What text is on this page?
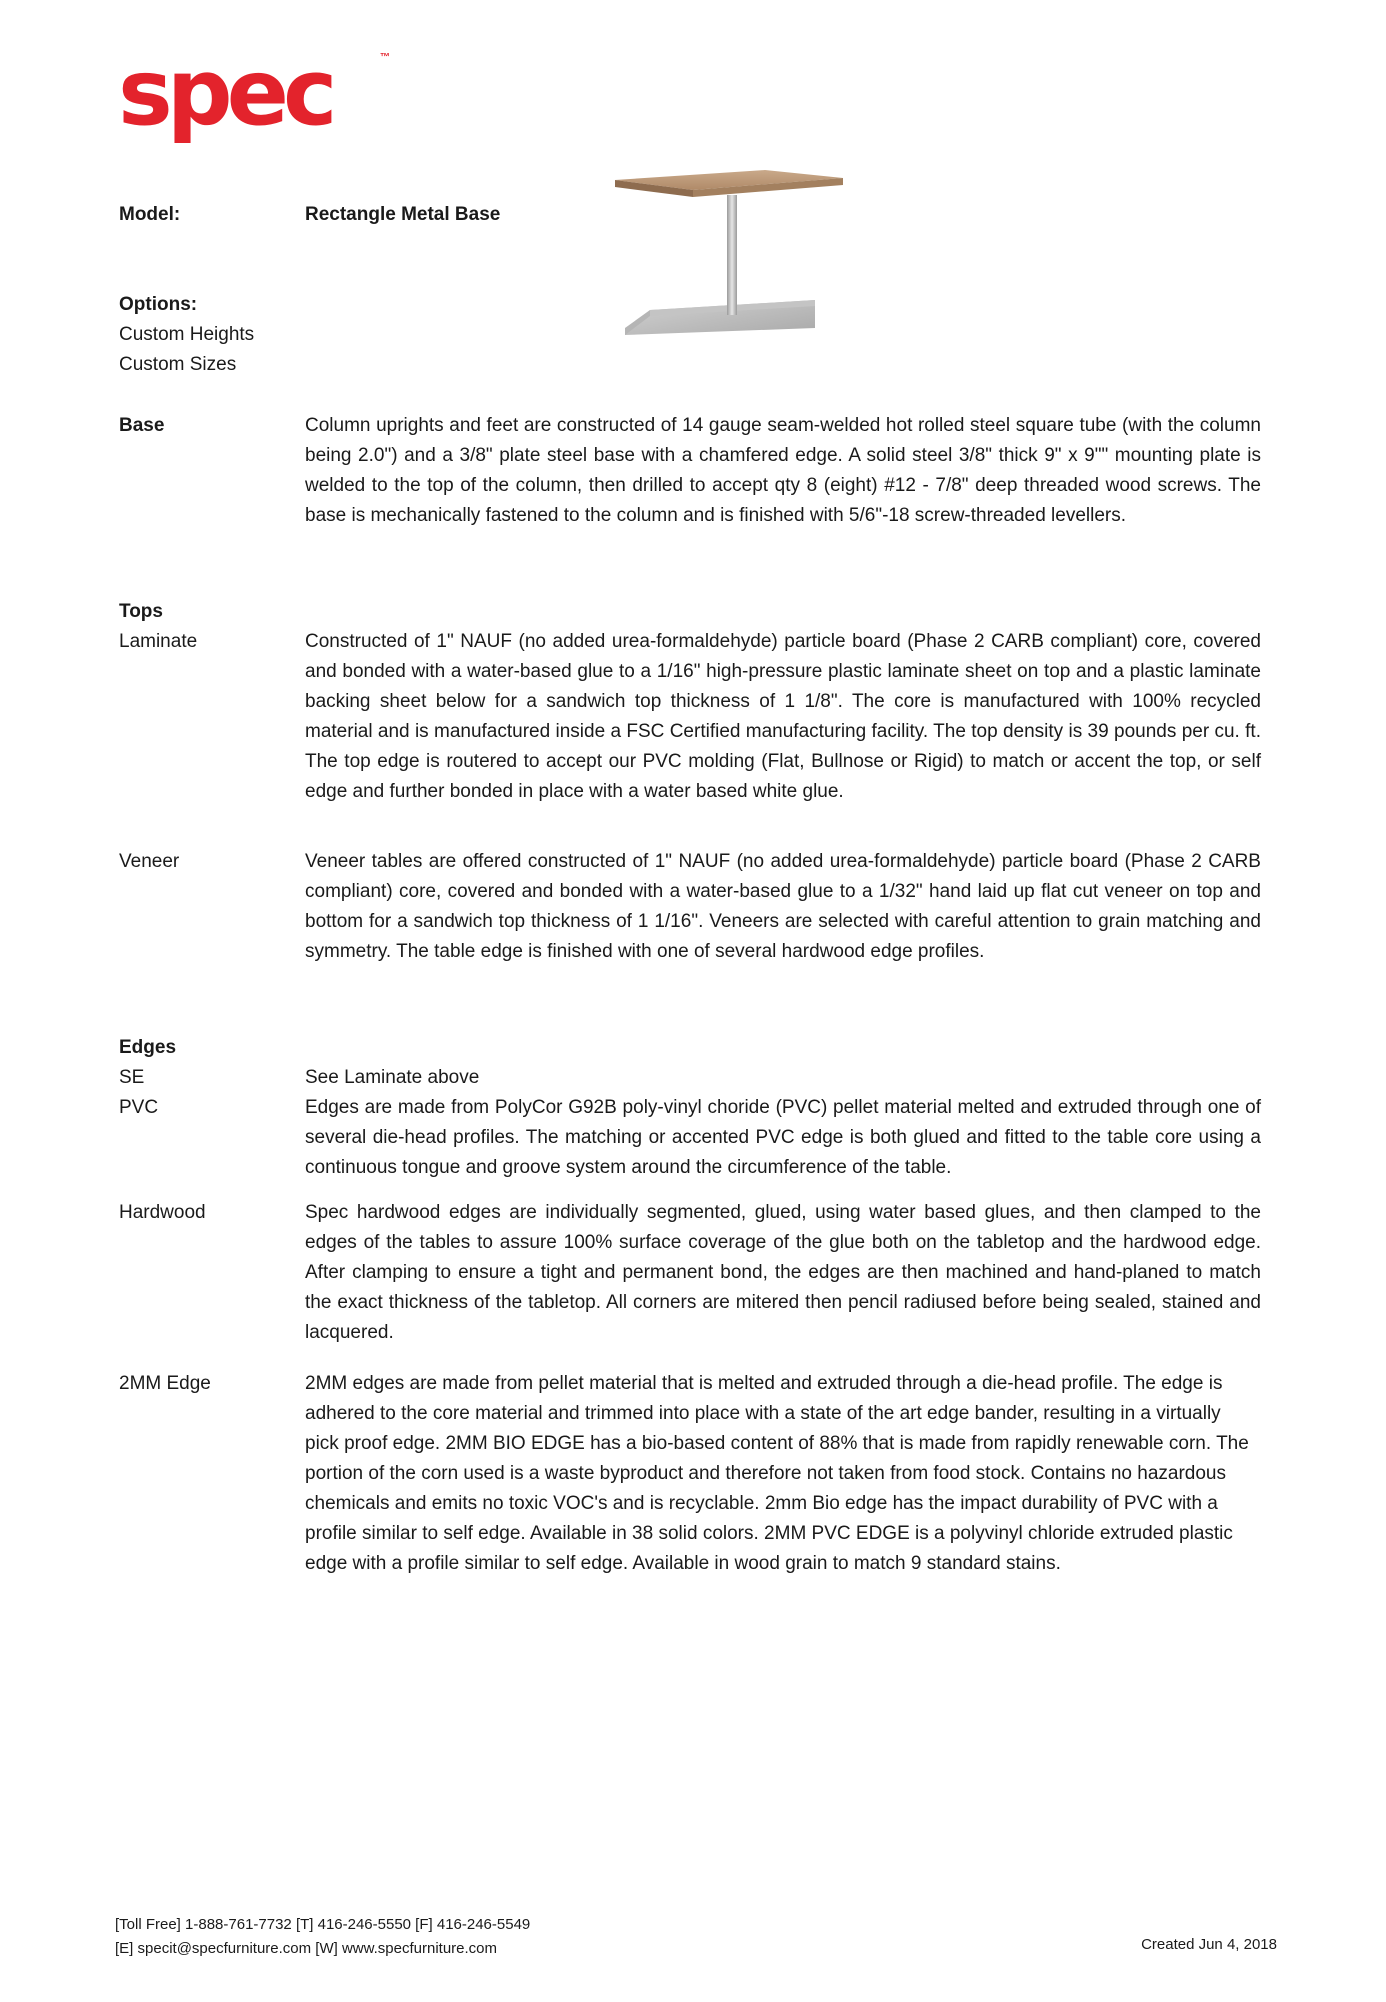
spec	™
Model:	Rectangle Metal Base
Options:
Custom Heights
Custom Sizes
Base	Column uprights and feet are constructed of 14 gauge seam-welded hot rolled steel square tube (with the column being 2.0") and a 3/8" plate steel base with a chamfered edge. A solid steel 3/8" thick 9" x 9"" mounting plate is welded to the top of the column, then drilled to accept qty 8 (eight) #12 - 7/8" deep threaded wood screws. The base is mechanically fastened to the column and is finished with 5/6"-18 screw-threaded levellers.
Tops
Laminate	Constructed of 1" NAUF (no added urea-formaldehyde) particle board (Phase 2 CARB compliant) core, covered and bonded with a water-based glue to a 1/16" high-pressure plastic laminate sheet on top and a plastic laminate backing sheet below for a sandwich top thickness of 1 1/8". The core is manufactured with 100% recycled material and is manufactured inside a FSC Certified manufacturing facility. The top density is 39 pounds per cu. ft. The top edge is routered to accept our PVC molding (Flat, Bullnose or Rigid) to match or accent the top, or self edge and further bonded in place with a water based white glue.
Veneer	Veneer tables are offered constructed of 1" NAUF (no added urea-formaldehyde) particle board (Phase 2 CARB compliant) core, covered and bonded with a water-based glue to a 1/32" hand laid up flat cut veneer on top and bottom for a sandwich top thickness of 1 1/16". Veneers are selected with careful attention to grain matching and symmetry. The table edge is finished with one of several hardwood edge profiles.
Edges
SE	See Laminate above
PVC	Edges are made from PolyCor G92B poly-vinyl choride (PVC) pellet material melted and extruded through one of several die-head profiles. The matching or accented PVC edge is both glued and fitted to the table core using a continuous tongue and groove system around the circumference of the table.
Hardwood	Spec hardwood edges are individually segmented, glued, using water based glues, and then clamped to the edges of the tables to assure 100% surface coverage of the glue both on the tabletop and the hardwood edge. After clamping to ensure a tight and permanent bond, the edges are then machined and hand-planed to match the exact thickness of the tabletop. All corners are mitered then pencil radiused before being sealed, stained and lacquered.
2MM Edge	2MM edges are made from pellet material that is melted and extruded through a die-head profile. The edge is adhered to the core material and trimmed into place with a state of the art edge bander, resulting in a virtually pick proof edge. 2MM BIO EDGE has a bio-based content of 88% that is made from rapidly renewable corn. The portion of the corn used is a waste byproduct and therefore not taken from food stock. Contains no hazardous chemicals and emits no toxic VOC's and is recyclable. 2mm Bio edge has the impact durability of PVC with a profile similar to self edge. Available in 38 solid colors. 2MM PVC EDGE is a polyvinyl chloride extruded plastic edge with a profile similar to self edge. Available in wood grain to match 9 standard stains.
[Toll Free] 1-888-761-7732 [T] 416-246-5550 [F] 416-246-5549
[E] specit@specfurniture.com [W] www.specfurniture.com	Created Jun 4, 2018
